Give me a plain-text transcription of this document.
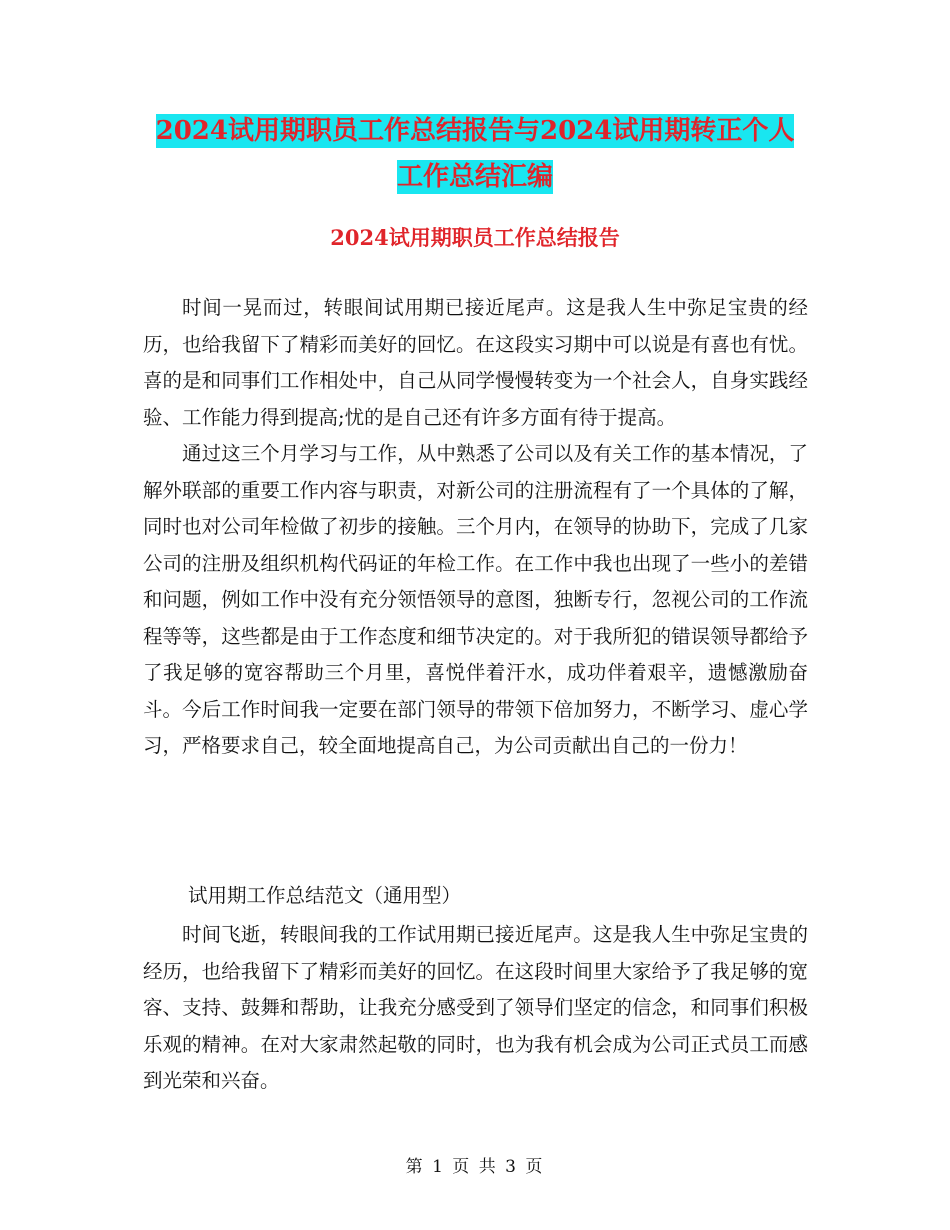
2024试用期职员工作总结报告与2024试用期转正个人
工作总结汇编
2024试用期职员工作总结报告

时间一晃而过，转眼间试用期已接近尾声。这是我人生中弥足宝贵的经历，也给我留下了精彩而美好的回忆。在这段实习期中可以说是有喜也有忧。喜的是和同事们工作相处中，自己从同学慢慢转变为一个社会人，自身实践经验、工作能力得到提高;忧的是自己还有许多方面有待于提高。

通过这三个月学习与工作，从中熟悉了公司以及有关工作的基本情况，了解外联部的重要工作内容与职责，对新公司的注册流程有了一个具体的了解，同时也对公司年检做了初步的接触。三个月内，在领导的协助下，完成了几家公司的注册及组织机构代码证的年检工作。在工作中我也出现了一些小的差错和问题，例如工作中没有充分领悟领导的意图，独断专行，忽视公司的工作流程等等，这些都是由于工作态度和细节决定的。对于我所犯的错误领导都给予了我足够的宽容帮助三个月里，喜悦伴着汗水，成功伴着艰辛，遗憾激励奋斗。今后工作时间我一定要在部门领导的带领下倍加努力，不断学习、虚心学习，严格要求自己，较全面地提高自己，为公司贡献出自己的一份力！

试用期工作总结范文（通用型）

时间飞逝，转眼间我的工作试用期已接近尾声。这是我人生中弥足宝贵的经历，也给我留下了精彩而美好的回忆。在这段时间里大家给予了我足够的宽容、支持、鼓舞和帮助，让我充分感受到了领导们坚定的信念，和同事们积极乐观的精神。在对大家肃然起敬的同时，也为我有机会成为公司正式员工而感到光荣和兴奋。

第 1 页 共 3 页
